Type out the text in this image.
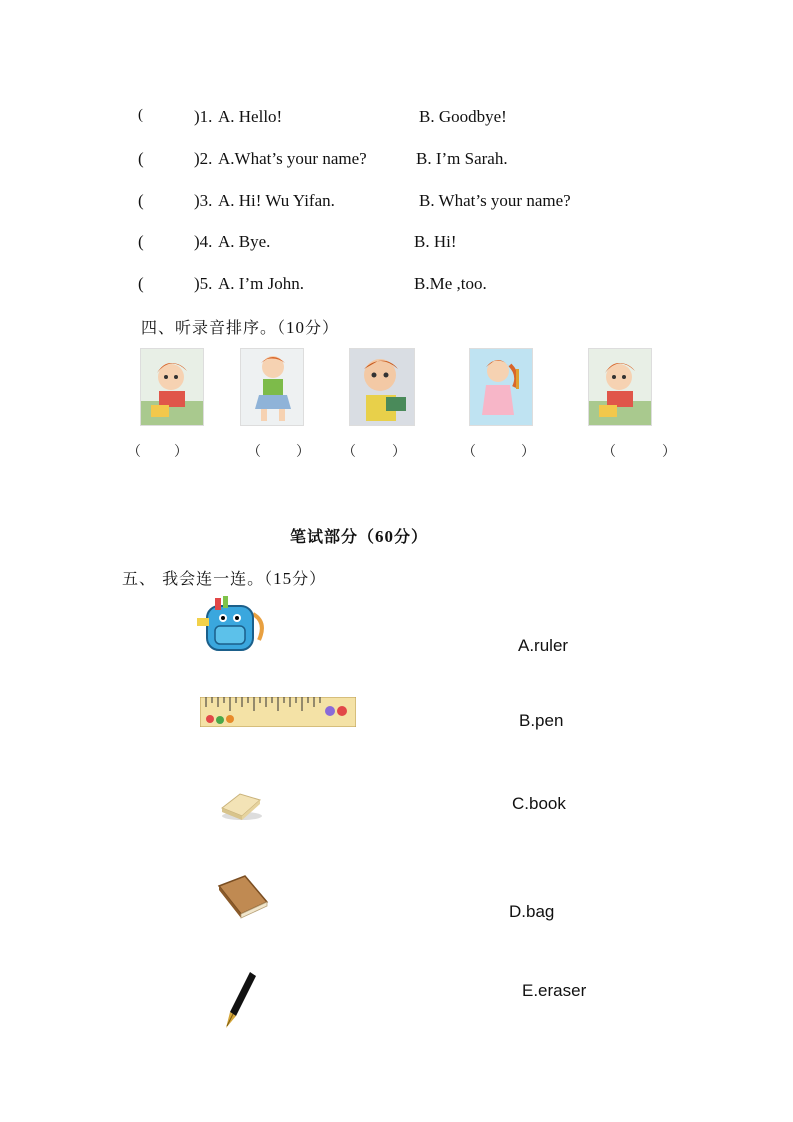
(	)1. A. Hello!	B. Goodbye!
(	)2. A.What’s your name?	B. I’m Sarah.
(	)3. A. Hi! Wu Yifan.	B. What’s your name?
(	)4. A. Bye.	B. Hi!
(	)5. A. I’m John.	B.Me ,too.
四、听录音排序。（10分）
（ ）	（	） （	）	（	）	（	）
笔试部分（60分）
五、 我会连一连。（15分）
A.ruler
B.pen
C.book
D.bag
E.eraser
